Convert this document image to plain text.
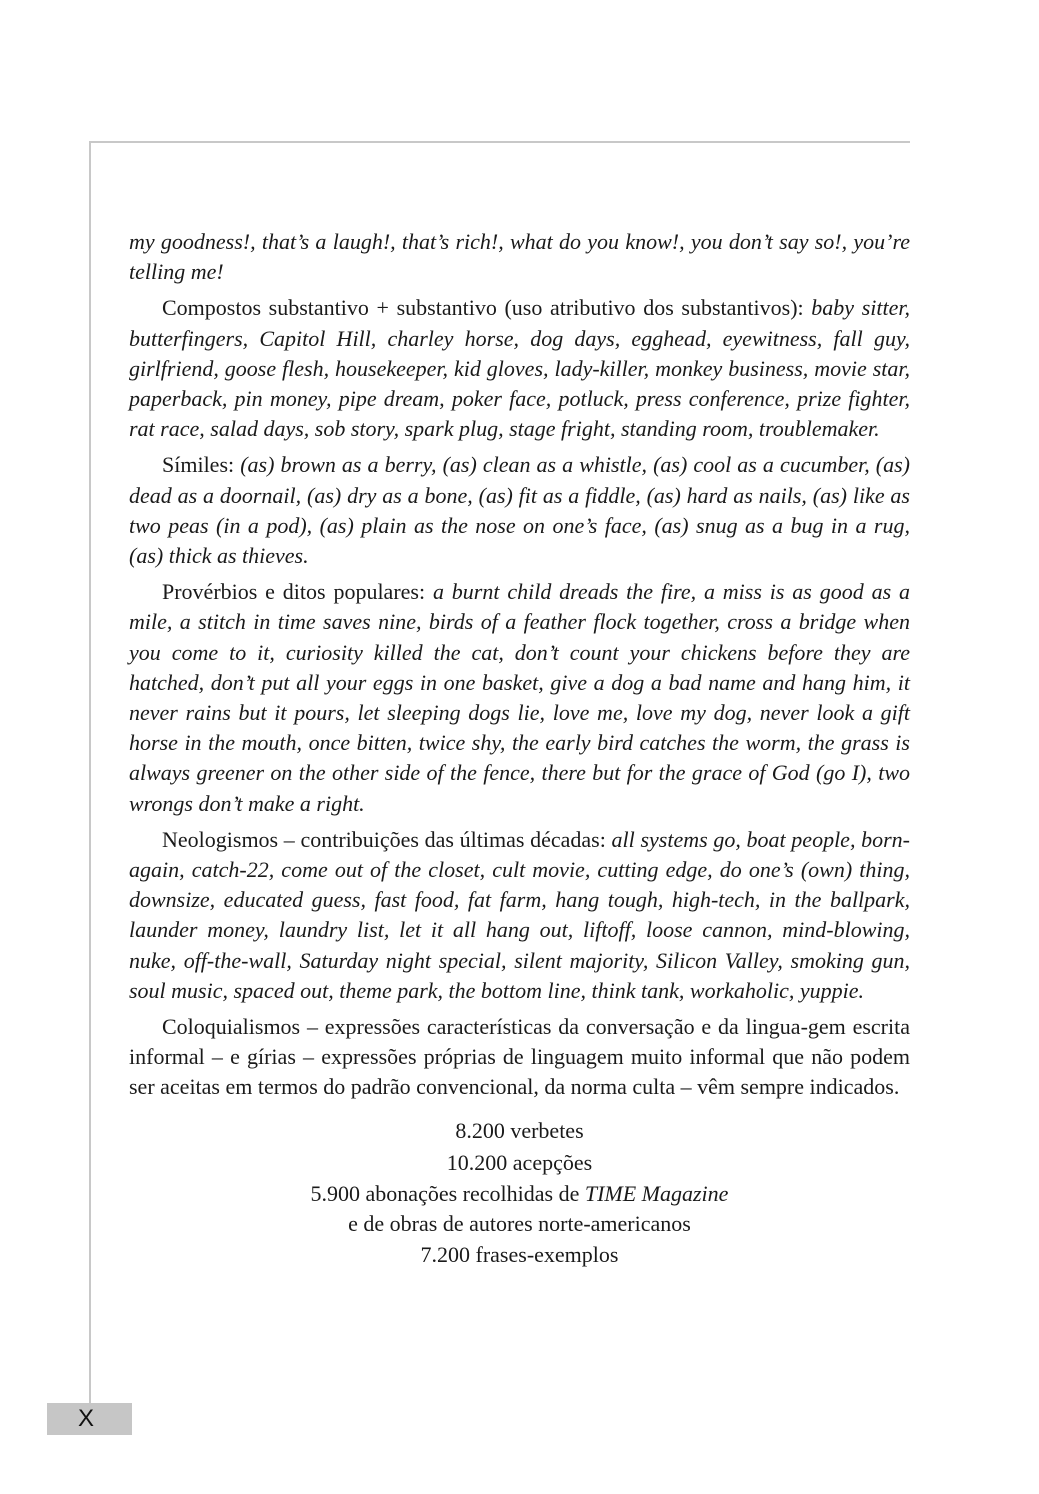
my goodness!, that’s a laugh!, that’s rich!, what do you know!, you don’t say so!, you’re telling me!

Compostos substantivo + substantivo (uso atributivo dos substantivos): baby sitter, butterfingers, Capitol Hill, charley horse, dog days, egghead, eyewitness, fall guy, girlfriend, goose flesh, housekeeper, kid gloves, lady-killer, monkey business, movie star, paperback, pin money, pipe dream, poker face, potluck, press conference, prize fighter, rat race, salad days, sob story, spark plug, stage fright, standing room, troublemaker.

Símiles: (as) brown as a berry, (as) clean as a whistle, (as) cool as a cucumber, (as) dead as a doornail, (as) dry as a bone, (as) fit as a fiddle, (as) hard as nails, (as) like as two peas (in a pod), (as) plain as the nose on one’s face, (as) snug as a bug in a rug, (as) thick as thieves.

Provérbios e ditos populares: a burnt child dreads the fire, a miss is as good as a mile, a stitch in time saves nine, birds of a feather flock together, cross a bridge when you come to it, curiosity killed the cat, don’t count your chickens before they are hatched, don’t put all your eggs in one basket, give a dog a bad name and hang him, it never rains but it pours, let sleeping dogs lie, love me, love my dog, never look a gift horse in the mouth, once bitten, twice shy, the early bird catches the worm, the grass is always greener on the other side of the fence, there but for the grace of God (go I), two wrongs don’t make a right.

Neologismos – contribuições das últimas décadas: all systems go, boat people, born-again, catch-22, come out of the closet, cult movie, cutting edge, do one’s (own) thing, downsize, educated guess, fast food, fat farm, hang tough, high-tech, in the ballpark, launder money, laundry list, let it all hang out, liftoff, loose cannon, mind-blowing, nuke, off-the-wall, Saturday night special, silent majority, Silicon Valley, smoking gun, soul music, spaced out, theme park, the bottom line, think tank, workaholic, yuppie.

Coloquialismos – expressões características da conversação e da lingua-gem escrita informal – e gírias – expressões próprias de linguagem muito informal que não podem ser aceitas em termos do padrão convencional, da norma culta – vêm sempre indicados.

8.200 verbetes
10.200 acepções
5.900 abonações recolhidas de TIME Magazine
e de obras de autores norte-americanos
7.200 frases-exemplos
X
